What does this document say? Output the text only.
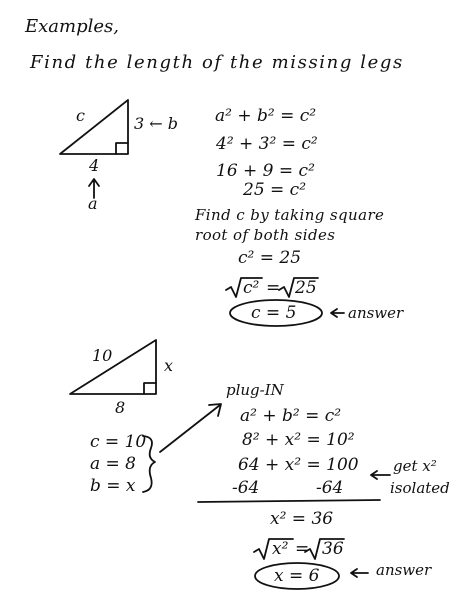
Examples,
Find the length of the missing legs
c	3 ← b
4
a
a² + b² = c²
4² + 3² = c²
16 + 9 = c²
25 = c²
Find c by taking square
root of both sides
c² = 25
c² = 25
c = 5	answer
10
x
8
c = 10
a = 8
b = x
plug-IN
a² + b² = c²
8² + x² = 10²
64 + x² = 100
-64	-64
get x²
isolated
x² = 36
x² = 36
x = 6	answer
